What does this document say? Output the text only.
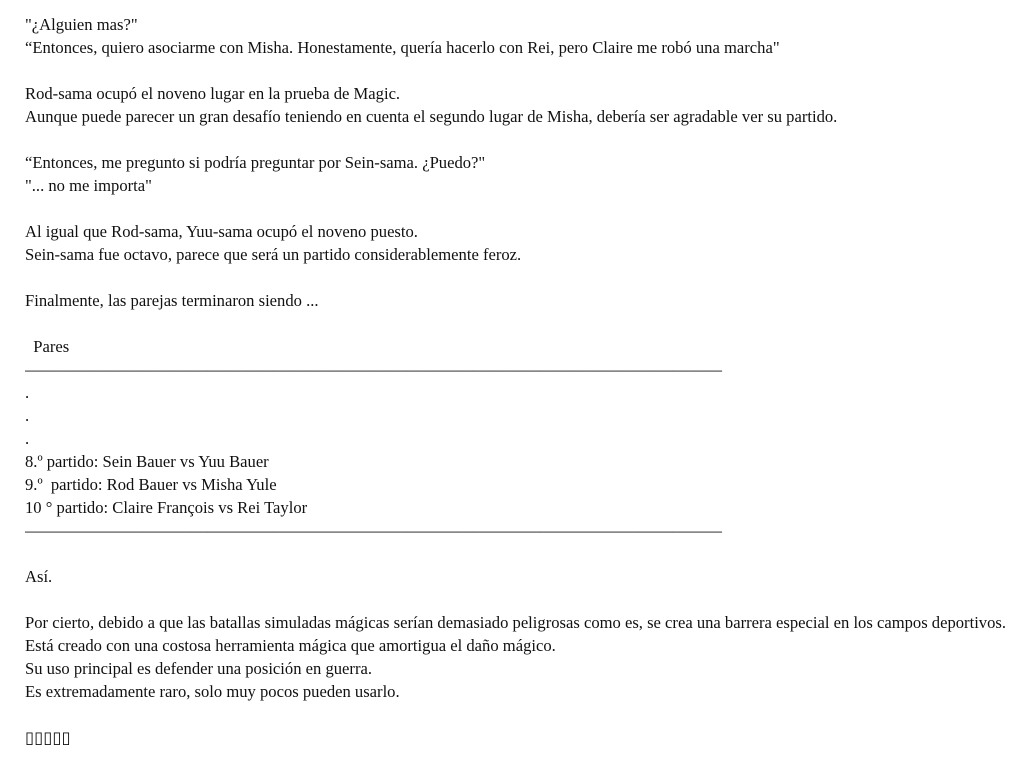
"¿Alguien mas?"
“Entonces, quiero asociarme con Misha. Honestamente, quería hacerlo con Rei, pero Claire me robó una marcha"
Rod-sama ocupó el noveno lugar en la prueba de Magic.
Aunque puede parecer un gran desafío teniendo en cuenta el segundo lugar de Misha, debería ser agradable ver su partido.
“Entonces, me pregunto si podría preguntar por Sein-sama. ¿Puedo?"
"... no me importa"
Al igual que Rod-sama, Yuu-sama ocupó el noveno puesto.
Sein-sama fue octavo, parece que será un partido considerablemente feroz.
Finalmente, las parejas terminaron siendo ...
Pares
——————————————————————————————————————————
.
.
.
8.º partido: Sein Bauer vs Yuu Bauer
9.º  partido: Rod Bauer vs Misha Yule
10 ° partido: Claire François vs Rei Taylor
——————————————————————————————————————————
Así.
Por cierto, debido a que las batallas simuladas mágicas serían demasiado peligrosas como es, se crea una barrera especial en los campos deportivos.
Está creado con una costosa herramienta mágica que amortigua el daño mágico.
Su uso principal es defender una posición en guerra.
Es extremadamente raro, solo muy pocos pueden usarlo.
▯▯▯▯▯
